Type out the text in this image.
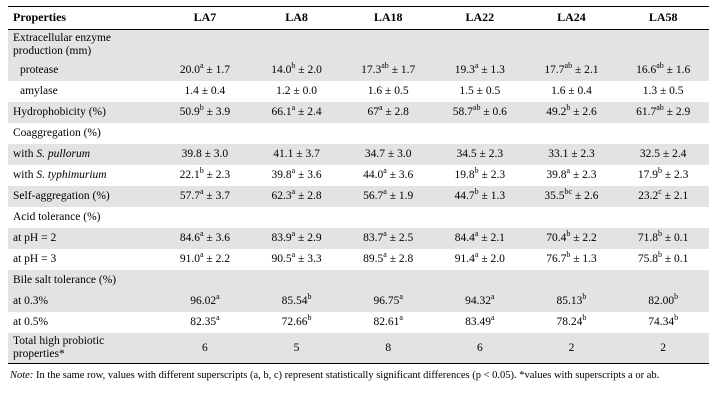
Properties	LA7	LA8	LA18	LA22	LA24	LA58
Extracellular enzyme production (mm)						
protease	20.0$^a$ ± 1.7	14.0$^b$ ± 2.0	17.3$^{ab}$ ± 1.7	19.3$^a$ ± 1.3	17.7$^{ab}$ ± 2.1	16.6$^{ab}$ ± 1.6
amylase	1.4 ± 0.4	1.2 ± 0.0	1.6 ± 0.5	1.5 ± 0.5	1.6 ± 0.4	1.3 ± 0.5
Hydrophobicity (%)	50.9$^b$ ± 3.9	66.1$^a$ ± 2.4	$67^a \pm 2.8$	58.7$^{ab}$ ± 0.6	49.2$^b$ ± 2.6	61.7$^{ab}$ ± 2.9
Coaggregation (%)						
with S. pullorum	39.8 ± 3.0	41.1 ± 3.7	34.7 ± 3.0	34.5 ± 2.3	33.1 ± 2.3	32.5 ± 2.4
with S. typhimurium	22.1$^b$ ± 2.3	39.8$^a$ ± 3.6	44.0$^a$ ± 3.6	19.8$^b$ ± 2.3	39.8$^a$ ± 2.3	17.9$^b$ ± 2.3
Self-aggregation (%)	57.7$^a$ ± 3.7	62.3$^a$ ± 2.8	56.7$^a$ ± 1.9	44.7$^b$ ± 1.3	35.5$^{bc}$ ± 2.6	23.2$^c$ ± 2.1
Acid tolerance (%)						
at pH = 2	84.6$^a$ ± 3.6	83.9$^a$ ± 2.9	83.7$^a$ ± 2.5	84.4$^a$ ± 2.1	70.4$^b$ ± 2.2	71.8$^b$ ± 0.1
at pH = 3	91.0$^a$ ± 2.2	90.5$^a$ ± 3.3	89.5$^a$ ± 2.8	91.4$^a$ ± 2.0	76.7$^b$ ± 1.3	75.8$^b$ ± 0.1
Bile salt tolerance (%)						
at 0.3%	96.02$^a$	85.54$^b$	96.75$^a$	94.32$^a$	85.13$^b$	82.00$^b$
at 0.5%	82.35$^a$	72.66$^b$	82.61$^a$	83.49$^a$	78.24$^b$	74.34$^b$
Total high probiotic
properties*	6	5	8	6	2	2
Note: In the same row, values with different superscripts (a, b, c) represent statistically significant differences (p < 0.05). *values with superscripts a or ab.
